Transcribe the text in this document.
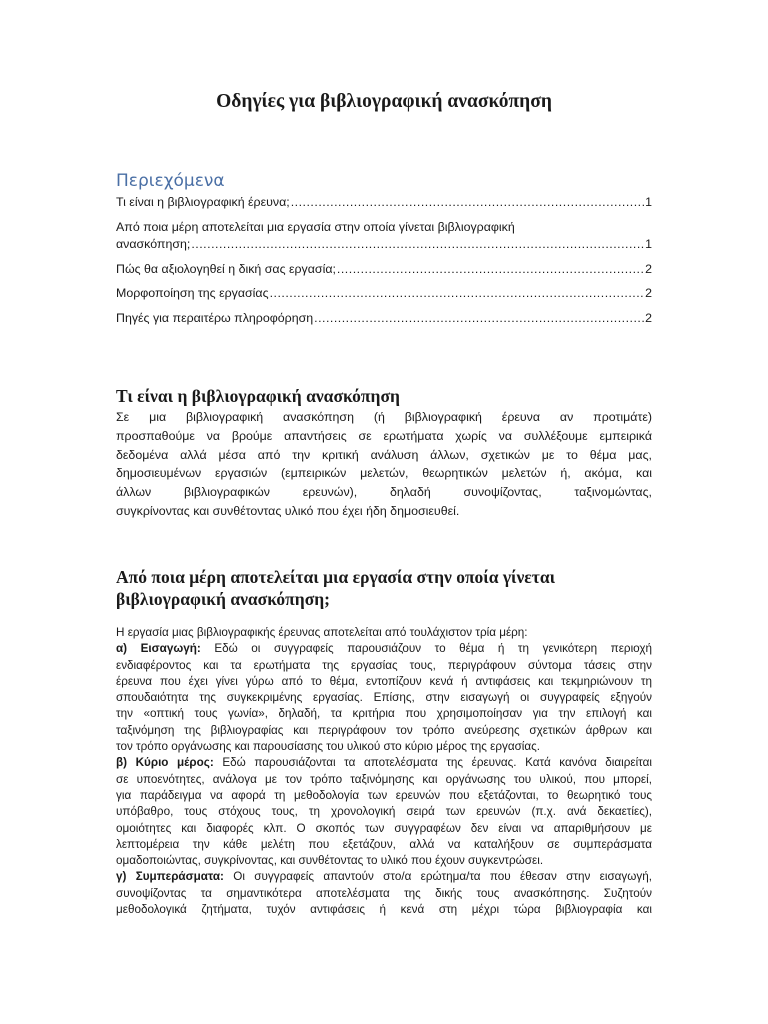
Οδηγίες για βιβλιογραφική ανασκόπηση
Περιεχόμενα
Τι είναι η βιβλιογραφική έρευνα; .....	1
Από ποια μέρη αποτελείται μια εργασία στην οποία γίνεται βιβλιογραφική
ανασκόπηση; .....	1
Πώς θα αξιολογηθεί η δική σας εργασία; .....	2
Μορφοποίηση της εργασίας .....	2
Πηγές για περαιτέρω πληροφόρηση .....	2
Τι είναι η βιβλιογραφική ανασκόπηση
Σε μια βιβλιογραφική ανασκόπηση (ή βιβλιογραφική έρευνα αν προτιμάτε)
προσπαθούμε να βρούμε απαντήσεις σε ερωτήματα χωρίς να συλλέξουμε εμπειρικά
δεδομένα αλλά μέσα από την κριτική ανάλυση άλλων, σχετικών με το θέμα μας,
δημοσιευμένων εργασιών (εμπειρικών μελετών, θεωρητικών μελετών ή, ακόμα, και
άλλων βιβλιογραφικών ερευνών), δηλαδή συνοψίζοντας, ταξινομώντας,
συγκρίνοντας και συνθέτοντας υλικό που έχει ήδη δημοσιευθεί.
Από ποια μέρη αποτελείται μια εργασία στην οποία γίνεται
βιβλιογραφική ανασκόπηση;
Η εργασία μιας βιβλιογραφικής έρευνας αποτελείται από τουλάχιστον τρία μέρη:
α) Εισαγωγή: Εδώ οι συγγραφείς παρουσιάζουν το θέμα ή τη γενικότερη περιοχή
ενδιαφέροντος και τα ερωτήματα της εργασίας τους, περιγράφουν σύντομα τάσεις στην
έρευνα που έχει γίνει γύρω από το θέμα, εντοπίζουν κενά ή αντιφάσεις και τεκμηριώνουν τη
σπουδαιότητα της συγκεκριμένης εργασίας. Επίσης, στην εισαγωγή οι συγγραφείς εξηγούν
την «οπτική τους γωνία», δηλαδή, τα κριτήρια που χρησιμοποίησαν για την επιλογή και
ταξινόμηση της βιβλιογραφίας και περιγράφουν τον τρόπο ανεύρεσης σχετικών άρθρων και
τον τρόπο οργάνωσης και παρουσίασης του υλικού στο κύριο μέρος της εργασίας.
β) Κύριο μέρος: Εδώ παρουσιάζονται τα αποτελέσματα της έρευνας. Κατά κανόνα διαιρείται
σε υποενότητες, ανάλογα με τον τρόπο ταξινόμησης και οργάνωσης του υλικού, που μπορεί,
για παράδειγμα να αφορά τη μεθοδολογία των ερευνών που εξετάζονται, το θεωρητικό τους
υπόβαθρο, τους στόχους τους, τη χρονολογική σειρά των ερευνών (π.χ. ανά δεκαετίες),
ομοιότητες και διαφορές κλπ. Ο σκοπός των συγγραφέων δεν είναι να απαριθμήσουν με
λεπτομέρεια την κάθε μελέτη που εξετάζουν, αλλά να καταλήξουν σε συμπεράσματα
ομαδοποιώντας, συγκρίνοντας, και συνθέτοντας το υλικό που έχουν συγκεντρώσει.
γ) Συμπεράσματα: Οι συγγραφείς απαντούν στο/α ερώτημα/τα που έθεσαν στην εισαγωγή,
συνοψίζοντας τα σημαντικότερα αποτελέσματα της δικής τους ανασκόπησης. Συζητούν
μεθοδολογικά ζητήματα, τυχόν αντιφάσεις ή κενά στη μέχρι τώρα βιβλιογραφία και
